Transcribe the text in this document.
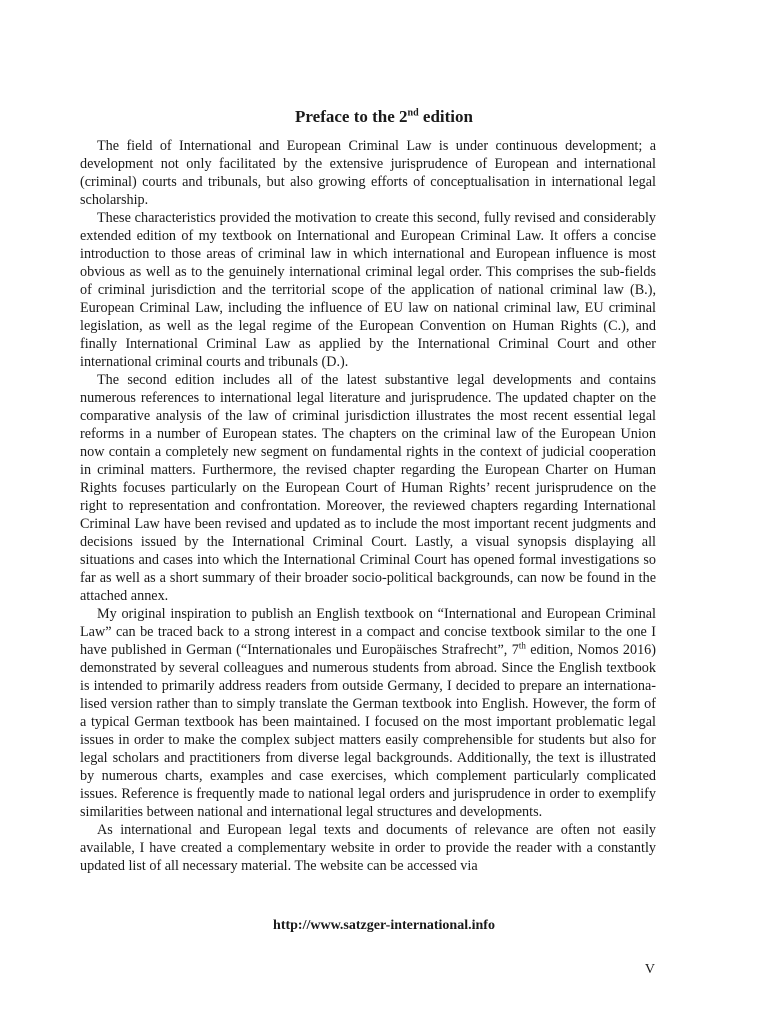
Preface to the 2nd edition

The field of International and European Criminal Law is under continuous development; a development not only facilitated by the extensive jurisprudence of European and international (criminal) courts and tribunals, but also growing efforts of conceptualisation in international legal scholarship.

These characteristics provided the motivation to create this second, fully revised and considerably extended edition of my textbook on International and European Criminal Law. It offers a concise introduction to those areas of criminal law in which international and European influence is most obvious as well as to the genuinely international criminal legal order. This comprises the sub-fields of criminal jurisdiction and the territorial scope of the application of national criminal law (B.), European Criminal Law, including the influence of EU law on national criminal law, EU criminal legislation, as well as the legal regime of the European Convention on Human Rights (C.), and finally International Criminal Law as applied by the International Criminal Court and other international criminal courts and tribunals (D.).

The second edition includes all of the latest substantive legal developments and contains numerous references to international legal literature and jurisprudence. The updated chapter on the comparative analysis of the law of criminal jurisdiction illustrates the most recent essential legal reforms in a number of European states. The chapters on the criminal law of the European Union now contain a completely new segment on fundamental rights in the context of judicial cooperation in criminal matters. Furthermore, the revised chapter regarding the European Charter on Human Rights focuses particularly on the European Court of Human Rights’ recent jurisprudence on the right to representation and confrontation. Moreover, the reviewed chapters regarding International Criminal Law have been revised and updated as to include the most important recent judgments and decisions issued by the International Criminal Court. Lastly, a visual synopsis displaying all situations and cases into which the International Criminal Court has opened formal investigations so far as well as a short summary of their broader socio-political backgrounds, can now be found in the attached annex.

My original inspiration to publish an English textbook on “International and European Criminal Law” can be traced back to a strong interest in a compact and concise textbook similar to the one I have published in German (“Internationales und Europäisches Strafrecht”, 7th edition, Nomos 2016) demonstrated by several colleagues and numerous students from abroad. Since the English textbook is intended to primarily address readers from outside Germany, I decided to prepare an internationalised version rather than to simply translate the German textbook into English. However, the form of a typical German textbook has been maintained. I focused on the most important problematic legal issues in order to make the complex subject matters easily comprehensible for students but also for legal scholars and practitioners from diverse legal backgrounds. Additionally, the text is illustrated by numerous charts, examples and case exercises, which complement particularly complicated issues. Reference is frequently made to national legal orders and jurisprudence in order to exemplify similarities between national and international legal structures and developments.

As international and European legal texts and documents of relevance are often not easily available, I have created a complementary website in order to provide the reader with a constantly updated list of all necessary material. The website can be accessed via

http://www.satzger-international.info
V
